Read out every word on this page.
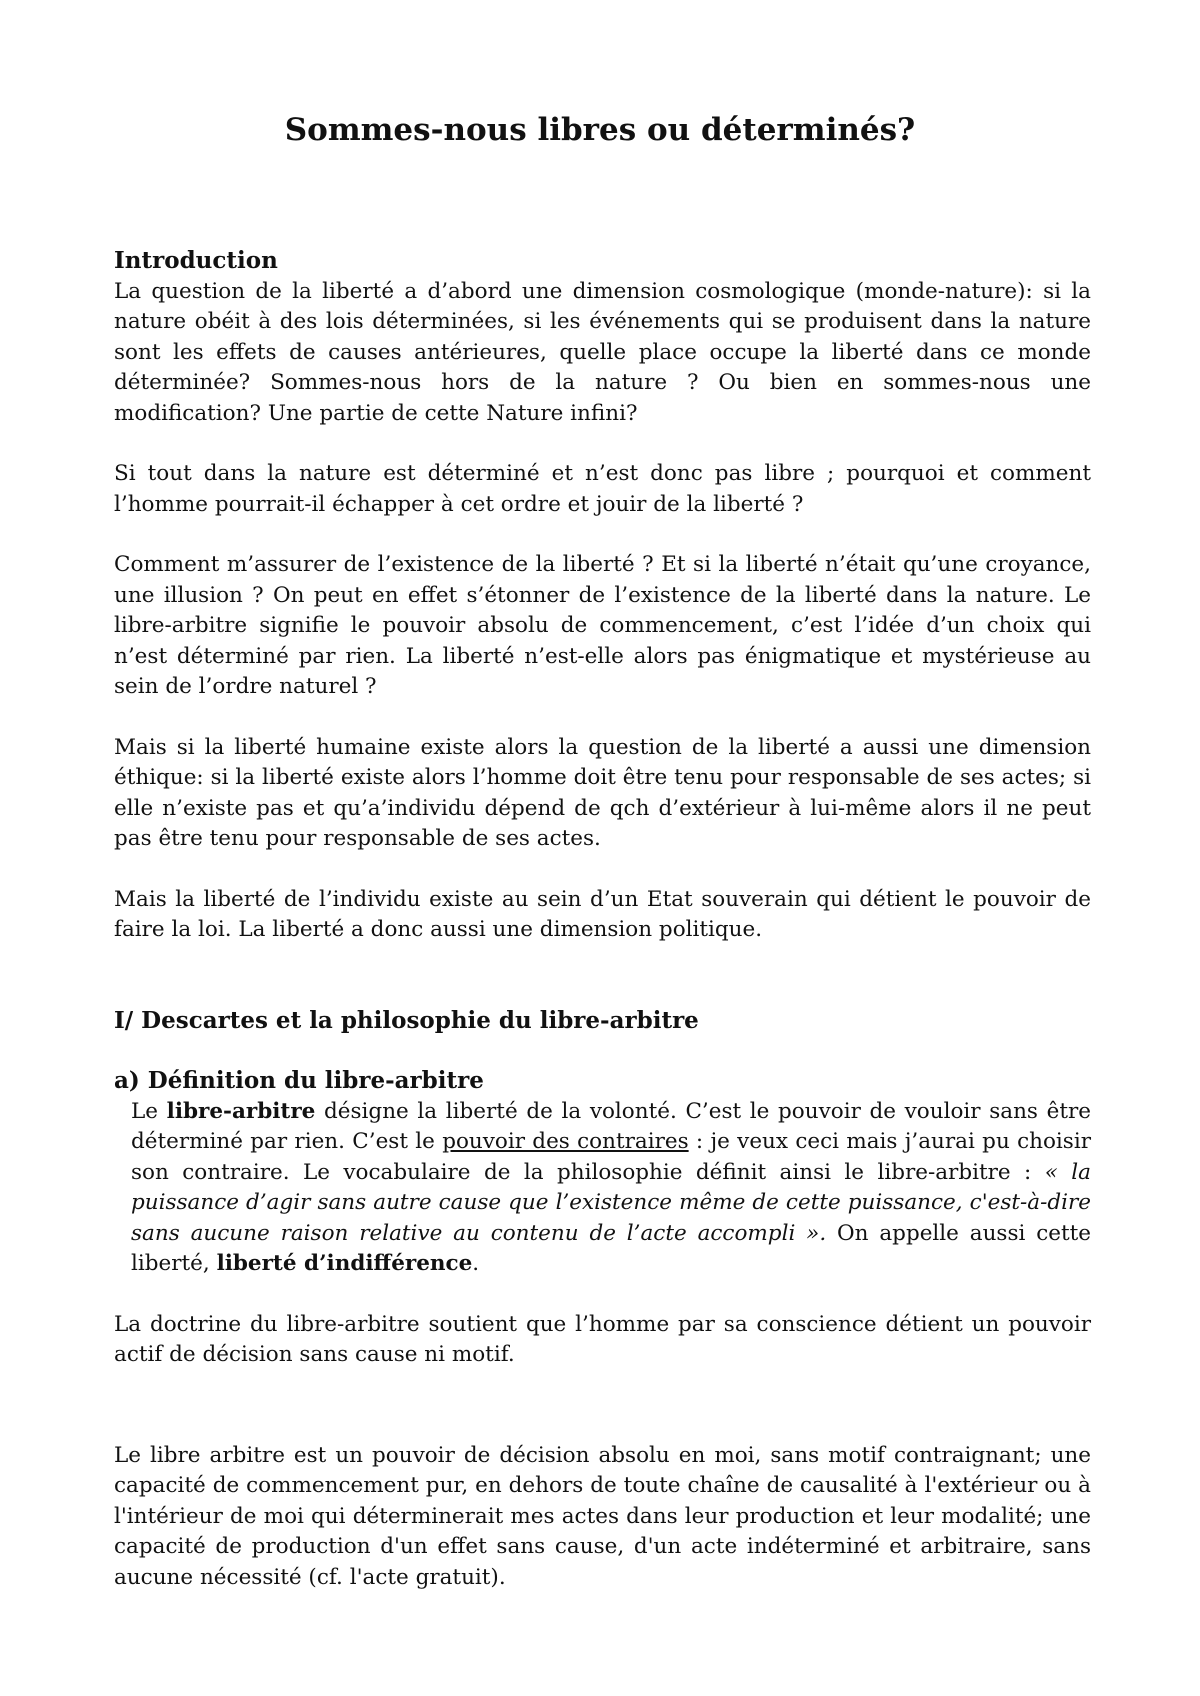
Sommes-nous libres ou déterminés?
Introduction

La question de la liberté a d’abord une dimension cosmologique (monde-nature): si la nature obéit à des lois déterminées, si les événements qui se produisent dans la nature sont les effets de causes antérieures, quelle place occupe la liberté dans ce monde déterminée? Sommes-nous hors de la nature ? Ou bien en sommes-nous une modification? Une partie de cette Nature infini?

Si tout dans la nature est déterminé et n’est donc pas libre ; pourquoi et comment l’homme pourrait-il échapper à cet ordre et jouir de la liberté ?

Comment m’assurer de l’existence de la liberté ? Et si la liberté n’était qu’une croyance, une illusion ? On peut en effet s’étonner de l’existence de la liberté dans la nature. Le libre-arbitre signifie le pouvoir absolu de commencement, c’est l’idée d’un choix qui n’est déterminé par rien. La liberté n’est-elle alors pas énigmatique et mystérieuse au sein de l’ordre naturel ?

Mais si la liberté humaine existe alors la question de la liberté a aussi une dimension éthique: si la liberté existe alors l’homme doit être tenu pour responsable de ses actes; si elle n’existe pas et qu’a’individu dépend de qch d’extérieur à lui-même alors il ne peut pas être tenu pour responsable de ses actes.

Mais la liberté de l’individu existe au sein d’un Etat souverain qui détient le pouvoir de faire la loi. La liberté a donc aussi une dimension politique.

I/ Descartes et la philosophie du libre-arbitre
a) Définition du libre-arbitre

Le libre-arbitre désigne la liberté de la volonté. C’est le pouvoir de vouloir sans être déterminé par rien. C’est le pouvoir des contraires : je veux ceci mais j’aurai pu choisir son contraire. Le vocabulaire de la philosophie définit ainsi le libre-arbitre : « la puissance d’agir sans autre cause que l’existence même de cette puissance, c'est-à-dire sans aucune raison relative au contenu de l’acte accompli ». On appelle aussi cette liberté, liberté d’indifférence.

La doctrine du libre-arbitre soutient que l’homme par sa conscience détient un pouvoir actif de décision sans cause ni motif.

Le libre arbitre est un pouvoir de décision absolu en moi, sans motif contraignant; une capacité de commencement pur, en dehors de toute chaîne de causalité à l'extérieur ou à l'intérieur de moi qui déterminerait mes actes dans leur production et leur modalité; une capacité de production d'un effet sans cause, d'un acte indéterminé et arbitraire, sans aucune nécessité (cf. l'acte gratuit).
